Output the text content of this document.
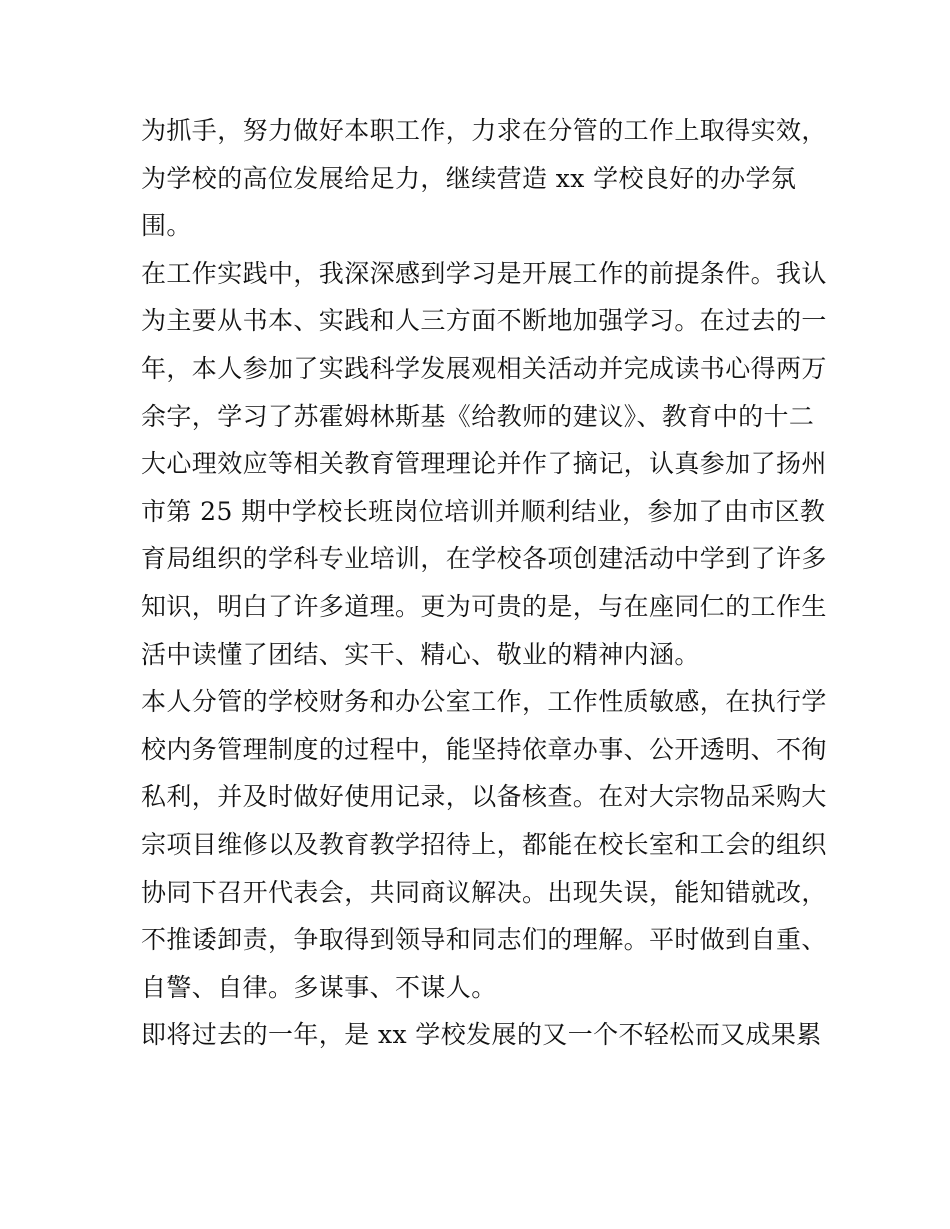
为抓手，努力做好本职工作，力求在分管的工作上取得实效，
为学校的高位发展给足力，继续营造 xx 学校良好的办学氛
围。
在工作实践中，我深深感到学习是开展工作的前提条件。我认
为主要从书本、实践和人三方面不断地加强学习。在过去的一
年，本人参加了实践科学发展观相关活动并完成读书心得两万
余字，学习了苏霍姆林斯基《给教师的建议》、教育中的十二
大心理效应等相关教育管理理论并作了摘记，认真参加了扬州
市第 25 期中学校长班岗位培训并顺利结业，参加了由市区教
育局组织的学科专业培训，在学校各项创建活动中学到了许多
知识，明白了许多道理。更为可贵的是，与在座同仁的工作生
活中读懂了团结、实干、精心、敬业的精神内涵。
本人分管的学校财务和办公室工作，工作性质敏感，在执行学
校内务管理制度的过程中，能坚持依章办事、公开透明、不徇
私利，并及时做好使用记录，以备核查。在对大宗物品采购大
宗项目维修以及教育教学招待上，都能在校长室和工会的组织
协同下召开代表会，共同商议解决。出现失误，能知错就改，
不推诿卸责，争取得到领导和同志们的理解。平时做到自重、
自警、自律。多谋事、不谋人。
即将过去的一年，是 xx 学校发展的又一个不轻松而又成果累
